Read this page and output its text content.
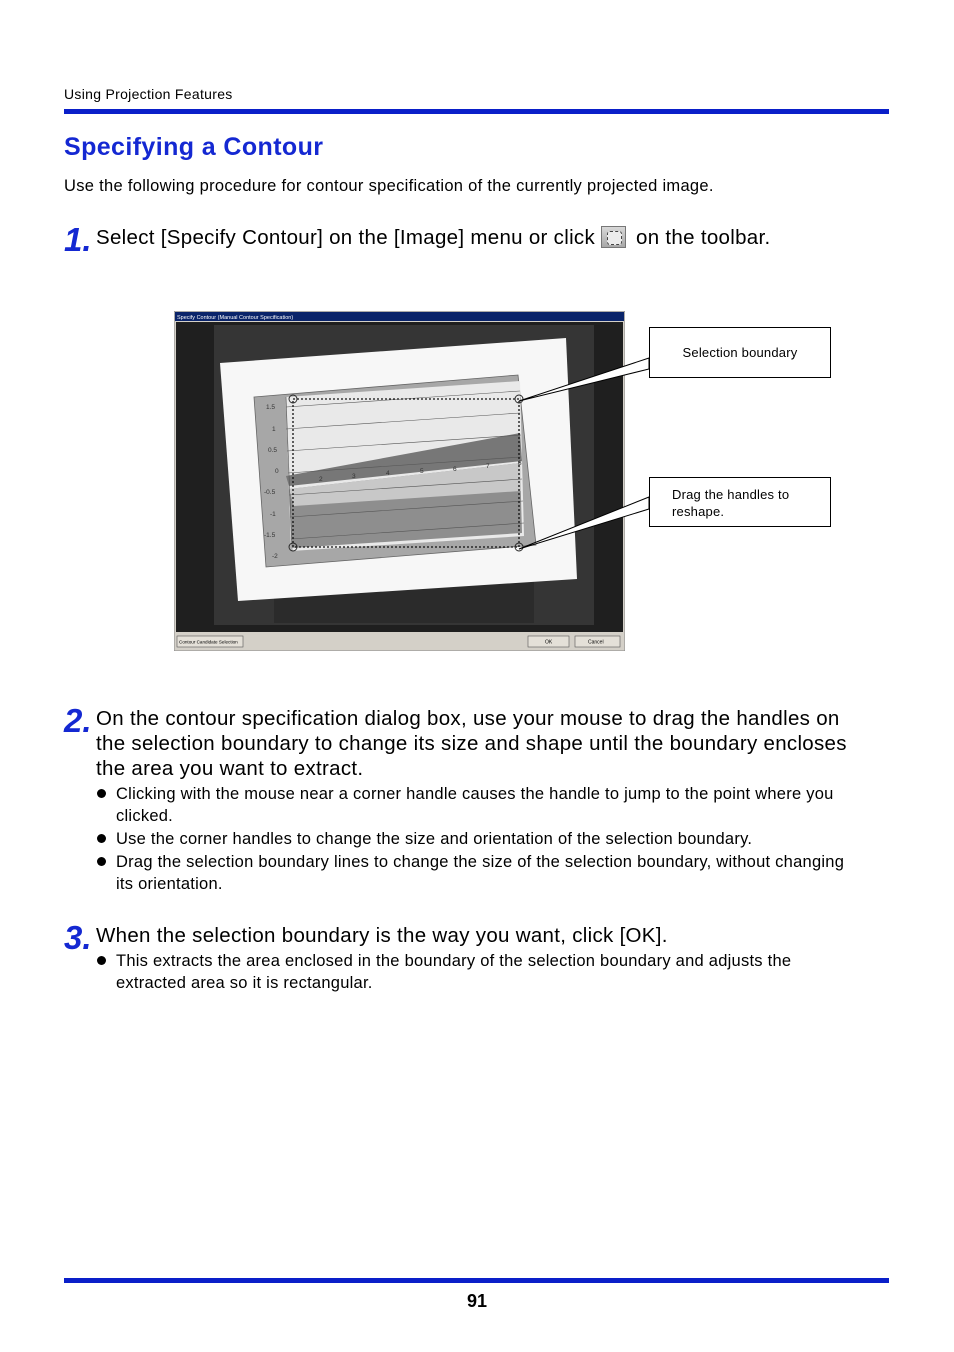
Using Projection Features
Specifying a Contour
Use the following procedure for contour specification of the currently projected image.
1. Select [Specify Contour] on the [Image] menu or click on the toolbar.
Specify Contour (Manual Contour Specification)
1.5
1
0.5
0
-0.5
-1
-1.5
-2
2	3	4	5	6	7	8
Contour Candidate Selection	OK	Cancel
Selection boundary
Drag the handles to
reshape.
2. On the contour specification dialog box, use your mouse to drag the handles on the selection boundary to change its size and shape until the boundary encloses the area you want to extract.
Clicking with the mouse near a corner handle causes the handle to jump to the point where you clicked.
Use the corner handles to change the size and orientation of the selection boundary.
Drag the selection boundary lines to change the size of the selection boundary, without changing its orientation.
3. When the selection boundary is the way you want, click [OK].
This extracts the area enclosed in the boundary of the selection boundary and adjusts the extracted area so it is rectangular.
91
